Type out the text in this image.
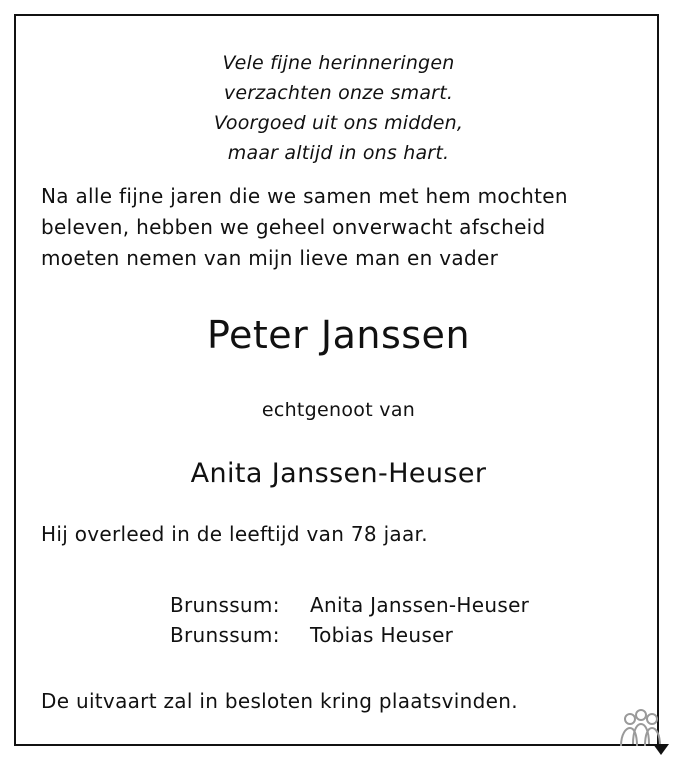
Vele fijne herinneringen
verzachten onze smart.
Voorgoed uit ons midden,
maar altijd in ons hart.
Na alle fijne jaren die we samen met hem mochten
beleven, hebben we geheel onverwacht afscheid
moeten nemen van mijn lieve man en vader
Peter Janssen
echtgenoot van
Anita Janssen-Heuser
Hij overleed in de leeftijd van 78 jaar.
Brunssum: Anita Janssen-Heuser
Brunssum: Tobias Heuser
De uitvaart zal in besloten kring plaatsvinden.
